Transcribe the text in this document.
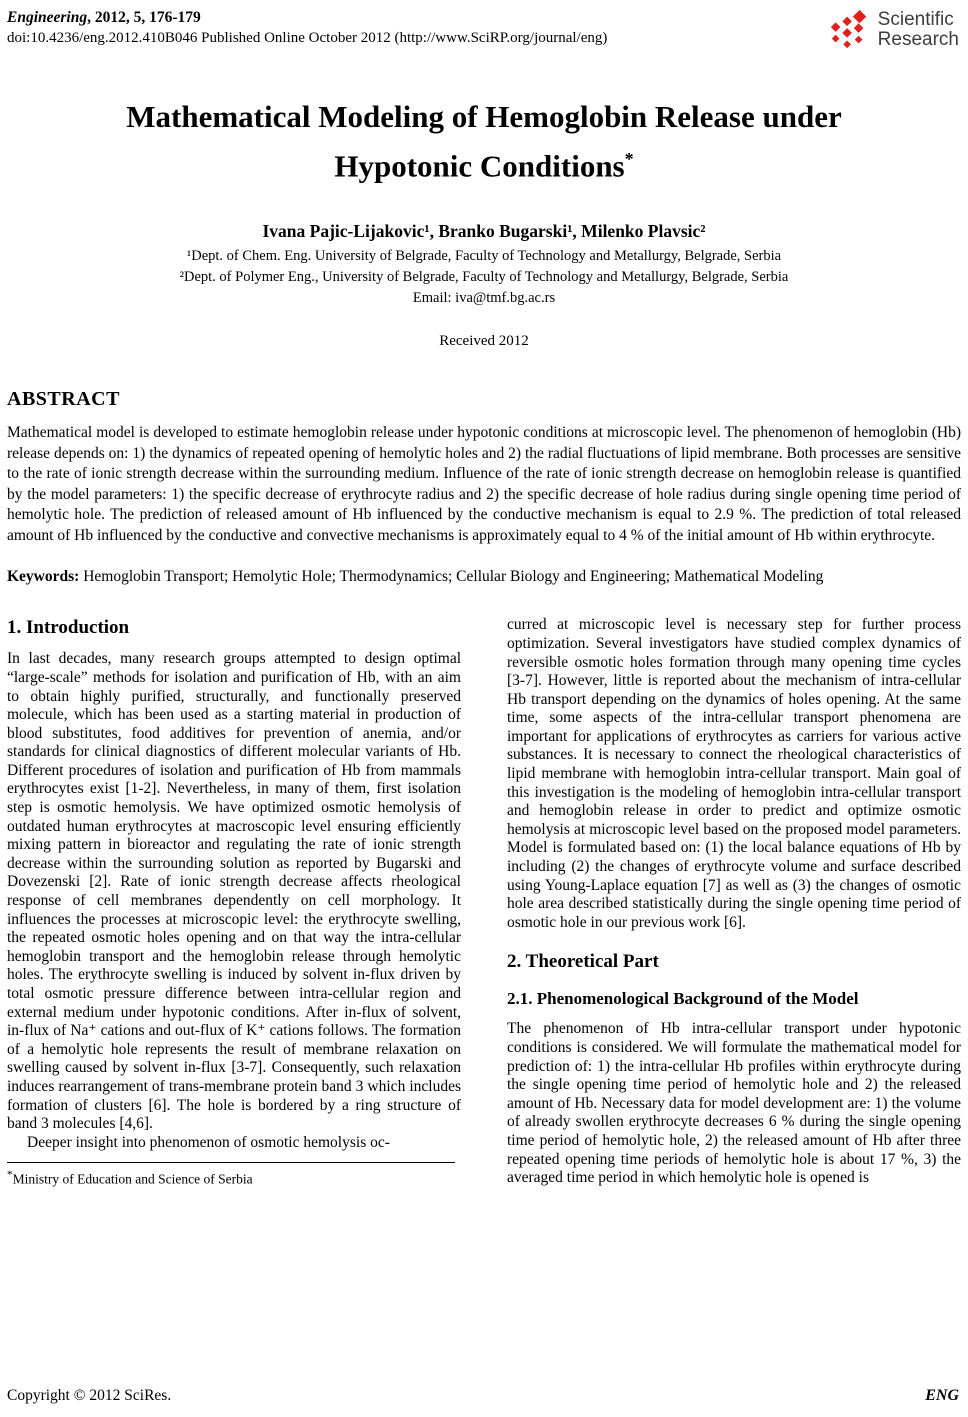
Engineering, 2012, 5, 176-179
doi:10.4236/eng.2012.410B046 Published Online October 2012 (http://www.SciRP.org/journal/eng)
Scientific
Research
Mathematical Modeling of Hemoglobin Release under Hypotonic Conditions*
Ivana Pajic-Lijakovic¹, Branko Bugarski¹, Milenko Plavsic²
¹Dept. of Chem. Eng. University of Belgrade, Faculty of Technology and Metallurgy, Belgrade, Serbia
²Dept. of Polymer Eng., University of Belgrade, Faculty of Technology and Metallurgy, Belgrade, Serbia
Email: iva@tmf.bg.ac.rs
Received 2012
ABSTRACT

Mathematical model is developed to estimate hemoglobin release under hypotonic conditions at microscopic level. The phenomenon of hemoglobin (Hb) release depends on: 1) the dynamics of repeated opening of hemolytic holes and 2) the radial fluctuations of lipid membrane. Both processes are sensitive to the rate of ionic strength decrease within the surrounding medium. Influence of the rate of ionic strength decrease on hemoglobin release is quantified by the model parameters: 1) the specific decrease of erythrocyte radius and 2) the specific decrease of hole radius during single opening time period of hemolytic hole. The prediction of released amount of Hb influenced by the conductive mechanism is equal to 2.9 %. The prediction of total released amount of Hb influenced by the conductive and convective mechanisms is approximately equal to 4 % of the initial amount of Hb within erythrocyte.

Keywords: Hemoglobin Transport; Hemolytic Hole; Thermodynamics; Cellular Biology and Engineering; Mathematical Modeling
1. Introduction

In last decades, many research groups attempted to design optimal “large-scale” methods for isolation and purification of Hb, with an aim to obtain highly purified, structurally, and functionally preserved molecule, which has been used as a starting material in production of blood substitutes, food additives for prevention of anemia, and/or standards for clinical diagnostics of different molecular variants of Hb. Different procedures of isolation and purification of Hb from mammals erythrocytes exist [1-2]. Nevertheless, in many of them, first isolation step is osmotic hemolysis. We have optimized osmotic hemolysis of outdated human erythrocytes at macroscopic level ensuring efficiently mixing pattern in bioreactor and regulating the rate of ionic strength decrease within the surrounding solution as reported by Bugarski and Dovezenski [2]. Rate of ionic strength decrease affects rheological response of cell membranes dependently on cell morphology. It influences the processes at microscopic level: the erythrocyte swelling, the repeated osmotic holes opening and on that way the intra-cellular hemoglobin transport and the hemoglobin release through hemolytic holes. The erythrocyte swelling is induced by solvent in-flux driven by total osmotic pressure difference between intra-cellular region and external medium under hypotonic conditions. After in-flux of solvent, in-flux of Na⁺ cations and out-flux of K⁺ cations follows. The formation of a hemolytic hole represents the result of membrane relaxation on swelling caused by solvent in-flux [3-7]. Consequently, such relaxation induces rearrangement of trans-membrane protein band 3 which includes formation of clusters [6]. The hole is bordered by a ring structure of band 3 molecules [4,6].

Deeper insight into phenomenon of osmotic hemolysis oc-

*Ministry of Education and Science of Serbia

curred at microscopic level is necessary step for further process optimization. Several investigators have studied complex dynamics of reversible osmotic holes formation through many opening time cycles [3-7]. However, little is reported about the mechanism of intra-cellular Hb transport depending on the dynamics of holes opening. At the same time, some aspects of the intra-cellular transport phenomena are important for applications of erythrocytes as carriers for various active substances. It is necessary to connect the rheological characteristics of lipid membrane with hemoglobin intra-cellular transport. Main goal of this investigation is the modeling of hemoglobin intra-cellular transport and hemoglobin release in order to predict and optimize osmotic hemolysis at microscopic level based on the proposed model parameters. Model is formulated based on: (1) the local balance equations of Hb by including (2) the changes of erythrocyte volume and surface described using Young-Laplace equation [7] as well as (3) the changes of osmotic hole area described statistically during the single opening time period of osmotic hole in our previous work [6].

2. Theoretical Part
2.1. Phenomenological Background of the Model

The phenomenon of Hb intra-cellular transport under hypotonic conditions is considered. We will formulate the mathematical model for prediction of: 1) the intra-cellular Hb profiles within erythrocyte during the single opening time period of hemolytic hole and 2) the released amount of Hb. Necessary data for model development are: 1) the volume of already swollen erythrocyte decreases 6 % during the single opening time period of hemolytic hole, 2) the released amount of Hb after three repeated opening time periods of hemolytic hole is about 17 %, 3) the averaged time period in which hemolytic hole is opened is

Copyright © 2012 SciRes.	ENG
